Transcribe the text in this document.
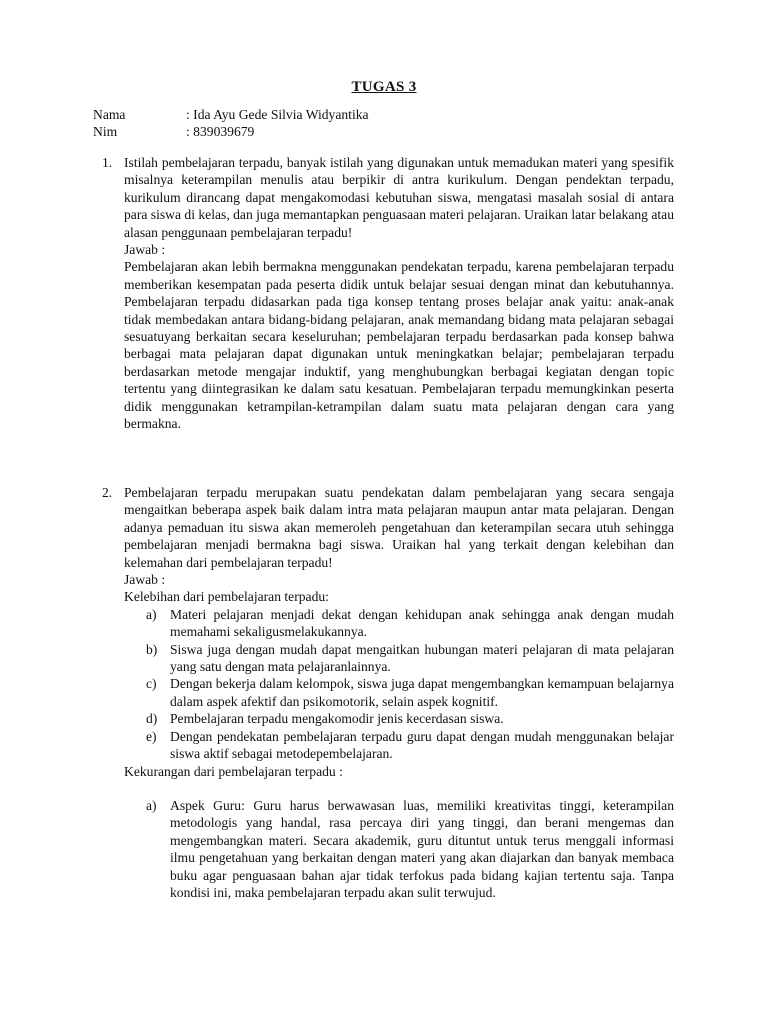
TUGAS 3
Nama	: Ida Ayu Gede Silvia Widyantika
Nim	: 839039679
1. Istilah pembelajaran terpadu, banyak istilah yang digunakan untuk memadukan materi yang spesifik misalnya keterampilan menulis atau berpikir di antra kurikulum. Dengan pendektan terpadu, kurikulum dirancang dapat mengakomodasi kebutuhan siswa, mengatasi masalah sosial di antara para siswa di kelas, dan juga memantapkan penguasaan materi pelajaran. Uraikan latar belakang atau alasan penggunaan pembelajaran terpadu!

Jawab :

Pembelajaran akan lebih bermakna menggunakan pendekatan terpadu, karena pembelajaran terpadu memberikan kesempatan pada peserta didik untuk belajar sesuai dengan minat dan kebutuhannya. Pembelajaran terpadu didasarkan pada tiga konsep tentang proses belajar anak yaitu: anak-anak tidak membedakan antara bidang-bidang pelajaran, anak memandang bidang mata pelajaran sebagai sesuatuyang berkaitan secara keseluruhan; pembelajaran terpadu berdasarkan pada konsep bahwa berbagai mata pelajaran dapat digunakan untuk meningkatkan belajar; pembelajaran terpadu berdasarkan metode mengajar induktif, yang menghubungkan berbagai kegiatan dengan topic tertentu yang diintegrasikan ke dalam satu kesatuan. Pembelajaran terpadu memungkinkan peserta didik menggunakan ketrampilan-ketrampilan dalam suatu mata pelajaran dengan cara yang bermakna.

2. Pembelajaran terpadu merupakan suatu pendekatan dalam pembelajaran yang secara sengaja mengaitkan beberapa aspek baik dalam intra mata pelajaran maupun antar mata pelajaran. Dengan adanya pemaduan itu siswa akan memeroleh pengetahuan dan keterampilan secara utuh sehingga pembelajaran menjadi bermakna bagi siswa. Uraikan hal yang terkait dengan kelebihan dan kelemahan dari pembelajaran terpadu!

Jawab :

Kelebihan dari pembelajaran terpadu:

a) Materi pelajaran menjadi dekat dengan kehidupan anak sehingga anak dengan mudah memahami sekaligusmelakukannya.

b) Siswa juga dengan mudah dapat mengaitkan hubungan materi pelajaran di mata pelajaran yang satu dengan mata pelajaranlainnya.

c) Dengan bekerja dalam kelompok, siswa juga dapat mengembangkan kemampuan belajarnya dalam aspek afektif dan psikomotorik, selain aspek kognitif.

d) Pembelajaran terpadu mengakomodir jenis kecerdasan siswa.

e) Dengan pendekatan pembelajaran terpadu guru dapat dengan mudah menggunakan belajar siswa aktif sebagai metodepembelajaran.

Kekurangan dari pembelajaran terpadu :

a) Aspek Guru: Guru harus berwawasan luas, memiliki kreativitas tinggi, keterampilan metodologis yang handal, rasa percaya diri yang tinggi, dan berani mengemas dan mengembangkan materi. Secara akademik, guru dituntut untuk terus menggali informasi ilmu pengetahuan yang berkaitan dengan materi yang akan diajarkan dan banyak membaca buku agar penguasaan bahan ajar tidak terfokus pada bidang kajian tertentu saja. Tanpa kondisi ini, maka pembelajaran terpadu akan sulit terwujud.
